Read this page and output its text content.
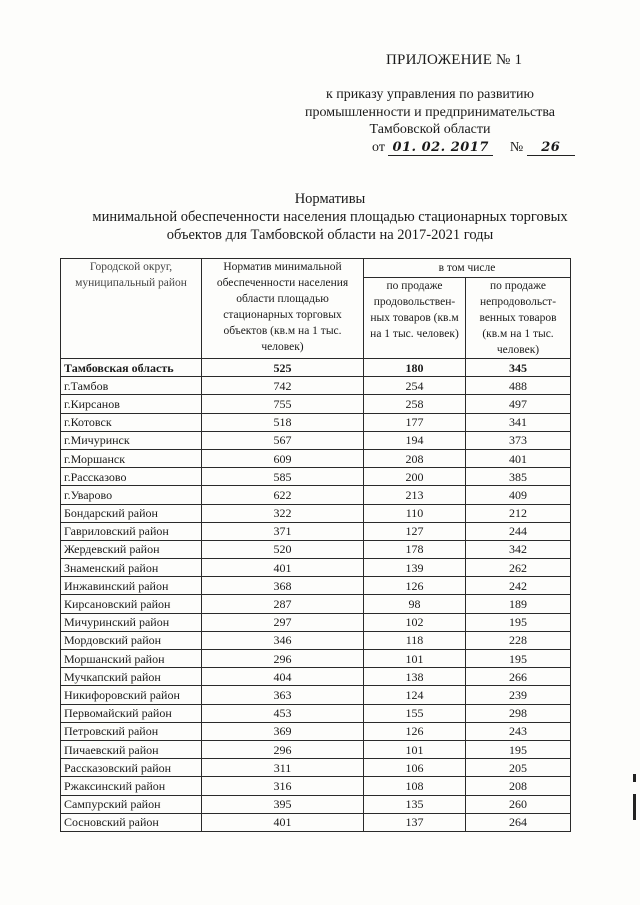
ПРИЛОЖЕНИЕ № 1
к приказу управления по развитию
промышленности и предпринимательства
Тамбовской области
от 01. 02. 2017 № 26
Нормативы
минимальной обеспеченности населения площадью стационарных торговых
объектов для Тамбовской области на 2017-2021 годы
Городской округ, муниципальный район	Норматив минимальной обеспеченности населения области площадью стационарных торговых объектов (кв.м на 1 тыс. человек)	в том числе	
		по продаже продовольствен-ных товаров (кв.м на 1 тыс. человек)	по продаже непродовольст-венных товаров (кв.м на 1 тыс. человек)
Тамбовская область	525	180	345
г.Тамбов	742	254	488
г.Кирсанов	755	258	497
г.Котовск	518	177	341
г.Мичуринск	567	194	373
г.Моршанск	609	208	401
г.Рассказово	585	200	385
г.Уварово	622	213	409
Бондарский район	322	110	212
Гавриловский район	371	127	244
Жердевский район	520	178	342
Знаменский район	401	139	262
Инжавинский район	368	126	242
Кирсановский район	287	98	189
Мичуринский район	297	102	195
Мордовский район	346	118	228
Моршанский район	296	101	195
Мучкапский район	404	138	266
Никифоровский район	363	124	239
Первомайский район	453	155	298
Петровский район	369	126	243
Пичаевский район	296	101	195
Рассказовский район	311	106	205
Ржаксинский район	316	108	208
Сампурский район	395	135	260
Сосновский район	401	137	264
